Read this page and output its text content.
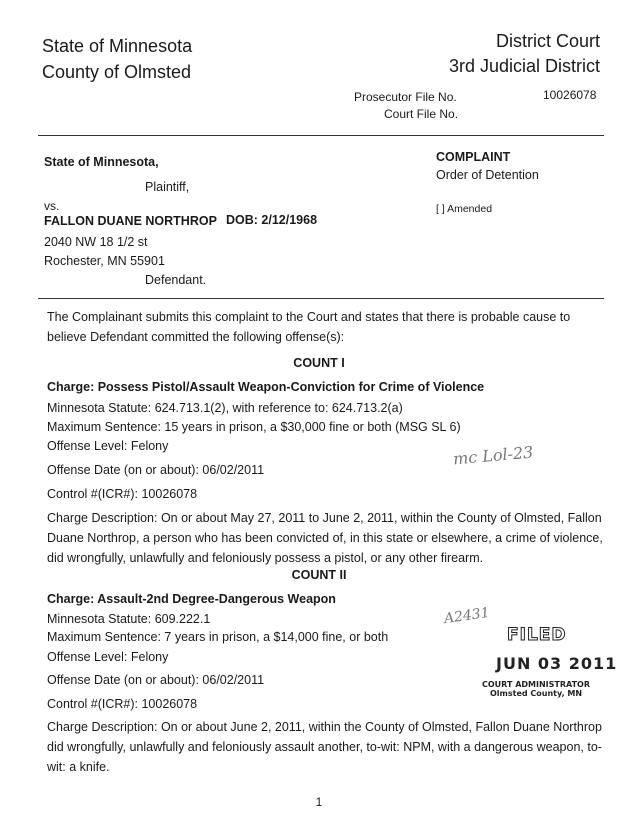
State of Minnesota
County of Olmsted
District Court
3rd Judicial District
Prosecutor File No.	10026078
Court File No.
State of Minnesota,
Plaintiff,
vs.
FALLON DUANE NORTHROP DOB: 2/12/1968
2040 NW 18 1/2 st
Rochester, MN 55901
Defendant.
COMPLAINT
Order of Detention
[ ] Amended
The Complainant submits this complaint to the Court and states that there is probable cause to believe Defendant committed the following offense(s):
COUNT I
Charge: Possess Pistol/Assault Weapon-Conviction for Crime of Violence
Minnesota Statute: 624.713.1(2), with reference to: 624.713.2(a)
Maximum Sentence: 15 years in prison, a $30,000 fine or both (MSG SL 6)
Offense Level: Felony
Offense Date (on or about): 06/02/2011
Control #(ICR#): 10026078
Charge Description: On or about May 27, 2011 to June 2, 2011, within the County of Olmsted, Fallon Duane Northrop, a person who has been convicted of, in this state or elsewhere, a crime of violence, did wrongfully, unlawfully and feloniously possess a pistol, or any other firearm.
mc Lol-23
COUNT II
Charge: Assault-2nd Degree-Dangerous Weapon
Minnesota Statute: 609.222.1
Maximum Sentence: 7 years in prison, a $14,000 fine, or both
Offense Level: Felony
Offense Date (on or about): 06/02/2011
Control #(ICR#): 10026078
Charge Description: On or about June 2, 2011, within the County of Olmsted, Fallon Duane Northrop did wrongfully, unlawfully and feloniously assault another, to-wit: NPM, with a dangerous weapon, to-wit: a knife.
A2431
FILED
JUN 03 2011
COURT ADMINISTRATOR
Olmsted County, MN
1
